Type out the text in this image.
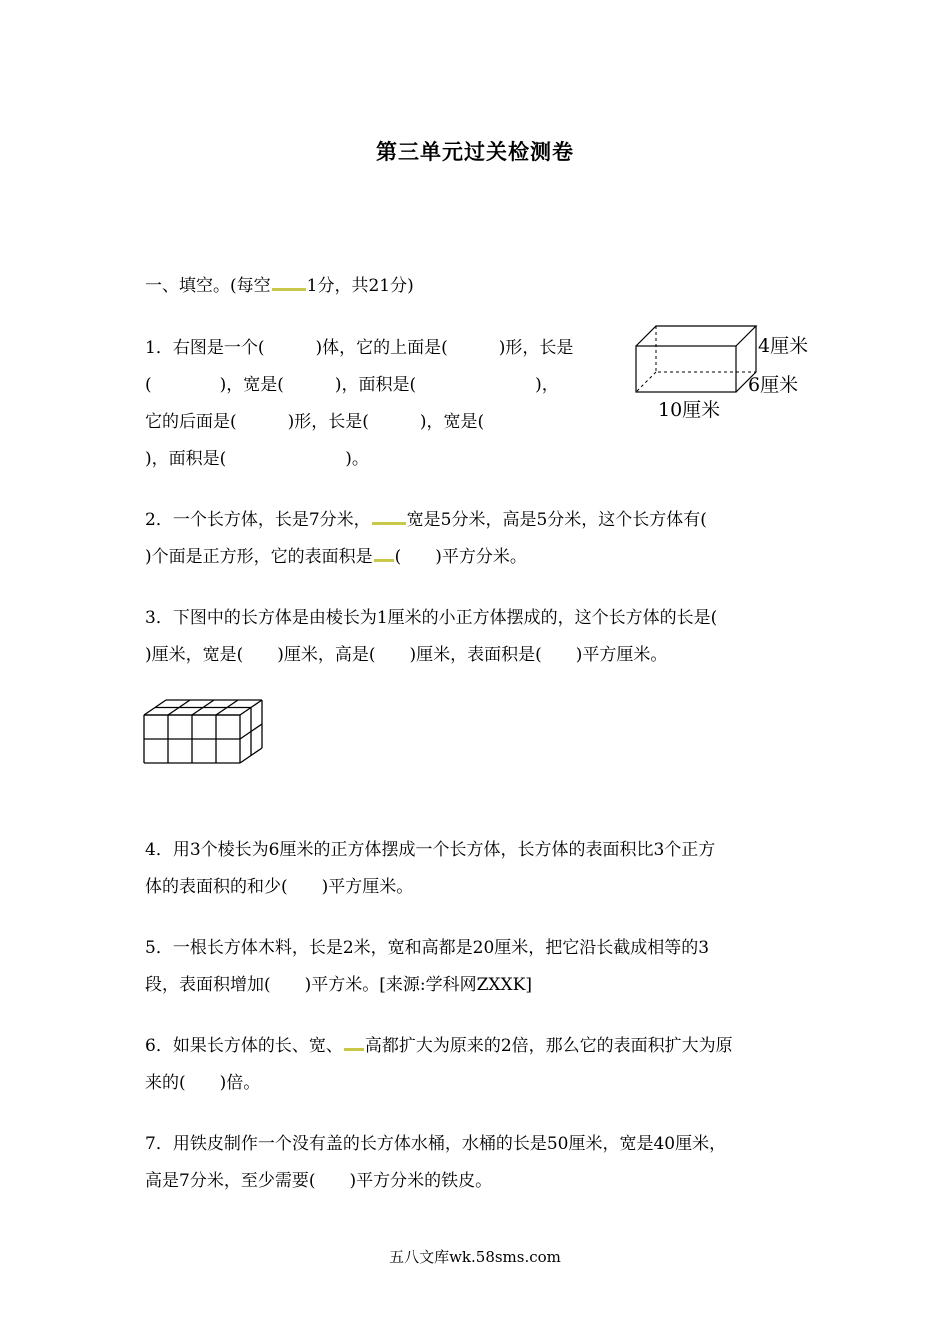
第三单元过关检测卷
一、填空。(每空 1分，共21分)
1．右图是一个(　　　)体，它的上面是(　　　)形，长是
(　　　　)，宽是(　　　)，面积是(　　　　　　　)，
它的后面是(　　　)形，长是(　　　)，宽是(
)，面积是(　　　　　　　)。
4厘米
6厘米
10厘米
2．一个长方体，长是7分米， 宽是5分米，高是5分米，这个长方体有(
)个面是正方形，它的表面积是 (　　)平方分米。
3．下图中的长方体是由棱长为1厘米的小正方体摆成的，这个长方体的长是(
)厘米，宽是(　　)厘米，高是(　　)厘米，表面积是(　　)平方厘米。
4．用3个棱长为6厘米的正方体摆成一个长方体，长方体的表面积比3个正方
体的表面积的和少(　　)平方厘米。
5．一根长方体木料，长是2米，宽和高都是20厘米，把它沿长截成相等的3
段，表面积增加(　　)平方米。[来源:学科网ZXXK]
6．如果长方体的长、宽、 高都扩大为原来的2倍，那么它的表面积扩大为原
来的(　　)倍。
7．用铁皮制作一个没有盖的长方体水桶，水桶的长是50厘米，宽是40厘米，
高是7分米，至少需要(　　)平方分米的铁皮。
五八文库wk.58sms.com
